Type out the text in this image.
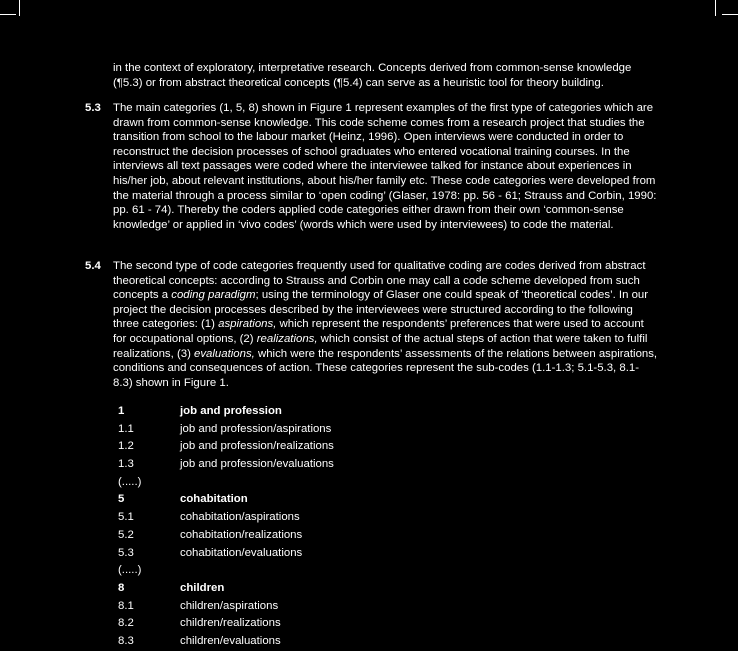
in the context of exploratory, interpretative research. Concepts derived from common-sense knowledge (¶5.3) or from abstract theoretical concepts (¶5.4) can serve as a heuristic tool for theory building.

5.3 The main categories (1, 5, 8) shown in Figure 1 represent examples of the first type of categories which are drawn from common-sense knowledge. This code scheme comes from a research project that studies the transition from school to the labour market (Heinz, 1996). Open interviews were conducted in order to reconstruct the decision processes of school graduates who entered vocational training courses. In the interviews all text passages were coded where the interviewee talked for instance about experiences in his/her job, about relevant institutions, about his/her family etc. These code categories were developed from the material through a process similar to ‘open coding’ (Glaser, 1978: pp. 56 - 61; Strauss and Corbin, 1990: pp. 61 - 74). Thereby the coders applied code categories either drawn from their own ‘common-sense knowledge’ or applied in ‘vivo codes’ (words which were used by interviewees) to code the material.

5.4 The second type of code categories frequently used for qualitative coding are codes derived from abstract theoretical concepts: according to Strauss and Corbin one may call a code scheme developed from such concepts a coding paradigm; using the terminology of Glaser one could speak of ‘theoretical codes’. In our project the decision processes described by the interviewees were structured according to the following three categories: (1) aspirations, which represent the respondents’ preferences that were used to account for occupational options, (2) realizations, which consist of the actual steps of action that were taken to fulfil realizations, (3) evaluations, which were the respondents’ assessments of the relations between aspirations, conditions and consequences of action. These categories represent the sub-codes (1.1-1.3; 5.1-5.3, 8.1-8.3) shown in Figure 1.

1	job and profession
1.1	job and profession/aspirations
1.2	job and profession/realizations
1.3	job and profession/evaluations
(.....)
5	cohabitation
5.1	cohabitation/aspirations
5.2	cohabitation/realizations
5.3	cohabitation/evaluations
(.....)
8	children
8.1	children/aspirations
8.2	children/realizations
8.3	children/evaluations
